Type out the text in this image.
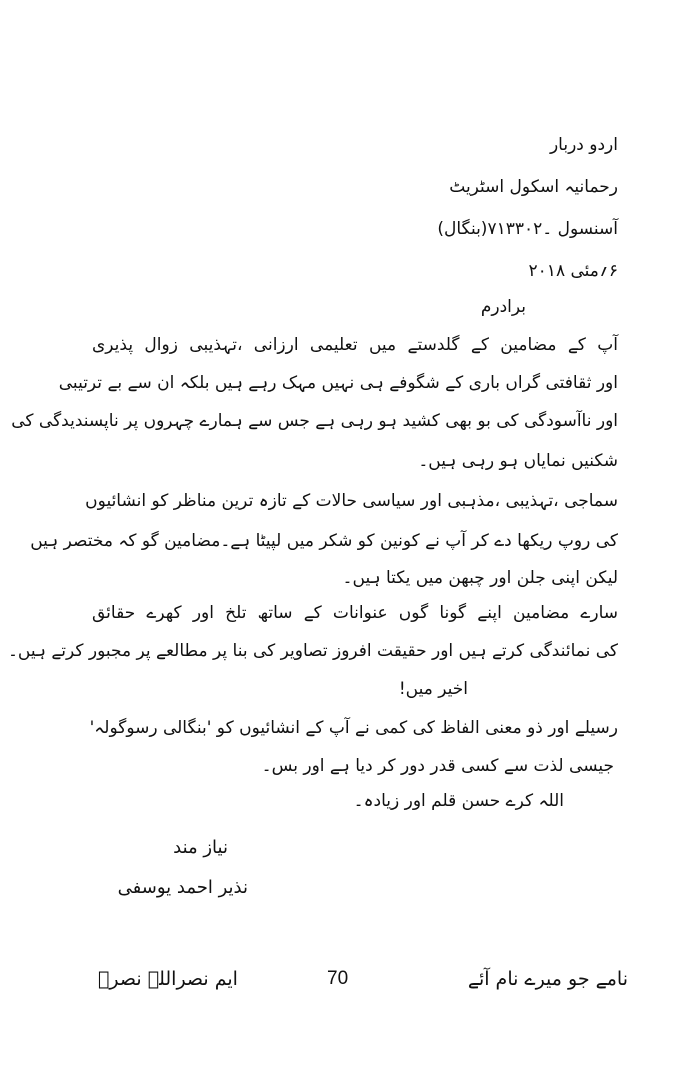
اردو دربار
رحمانیہ اسکول اسٹریٹ
آسنسول ۔۷۱۳۳۰۲(بنگال)
۶؍مئی ۲۰۱۸
برادرم
آپ کے مضامین کے گلدستے میں تعلیمی ارزانی ،تہذیبی زوال پذیری
اور ثقافتی گراں باری کے شگوفے ہی نہیں مہک رہے ہیں بلکہ ان سے بے ترتیبی
اور ناآسودگی کی بو بھی کشید ہو رہی ہے جس سے ہمارے چہروں پر ناپسندیدگی کی
شکنیں نمایاں ہو رہی ہیں۔
سماجی ،تہذیبی ،مذہبی اور سیاسی حالات کے تازہ ترین مناظر کو انشائیوں
کی روپ ریکھا دے کر آپ نے کونین کو شکر میں لپیٹا ہے۔مضامین گو کہ مختصر ہیں
لیکن اپنی جلن اور چبھن میں یکتا ہیں۔
سارے مضامین اپنے گونا گوں عنوانات کے ساتھ تلخ اور کھرے حقائق
کی نمائندگی کرتے ہیں اور حقیقت افروز تصاویر کی بنا پر مطالعے پر مجبور کرتے ہیں۔
اخیر میں!
رسیلے اور ذو معنی الفاظ کی کمی نے آپ کے انشائیوں کو 'بنگالی رسوگولہ'
جیسی لذت سے کسی قدر دور کر دیا ہے اور بس۔
اللہ کرے حسن قلم اور زیادہ۔
نیاز مند
نذیر احمد یوسفی
نامے جو میرے نام آئے
70
ایم نصراللہ نصرؔ
